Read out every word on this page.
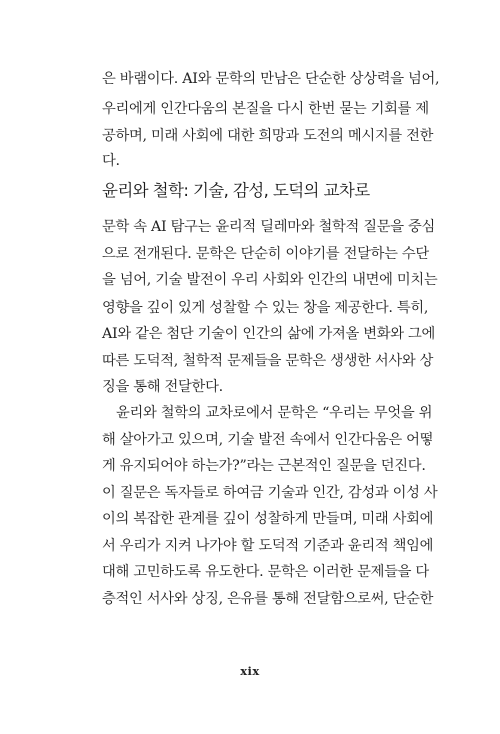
은 바램이다. AI와 문학의 만남은 단순한 상상력을 넘어,
우리에게 인간다움의 본질을 다시 한번 묻는 기회를 제
공하며, 미래 사회에 대한 희망과 도전의 메시지를 전한
다.
윤리와 철학: 기술, 감성, 도덕의 교차로
문학 속 AI 탐구는 윤리적 딜레마와 철학적 질문을 중심
으로 전개된다. 문학은 단순히 이야기를 전달하는 수단
을 넘어, 기술 발전이 우리 사회와 인간의 내면에 미치는
영향을 깊이 있게 성찰할 수 있는 창을 제공한다. 특히,
AI와 같은 첨단 기술이 인간의 삶에 가져올 변화와 그에
따른 도덕적, 철학적 문제들을 문학은 생생한 서사와 상
징을 통해 전달한다.
윤리와 철학의 교차로에서 문학은 “우리는 무엇을 위
해 살아가고 있으며, 기술 발전 속에서 인간다움은 어떻
게 유지되어야 하는가?”라는 근본적인 질문을 던진다.
이 질문은 독자들로 하여금 기술과 인간, 감성과 이성 사
이의 복잡한 관계를 깊이 성찰하게 만들며, 미래 사회에
서 우리가 지켜 나가야 할 도덕적 기준과 윤리적 책임에
대해 고민하도록 유도한다. 문학은 이러한 문제들을 다
층적인 서사와 상징, 은유를 통해 전달함으로써, 단순한
xix
